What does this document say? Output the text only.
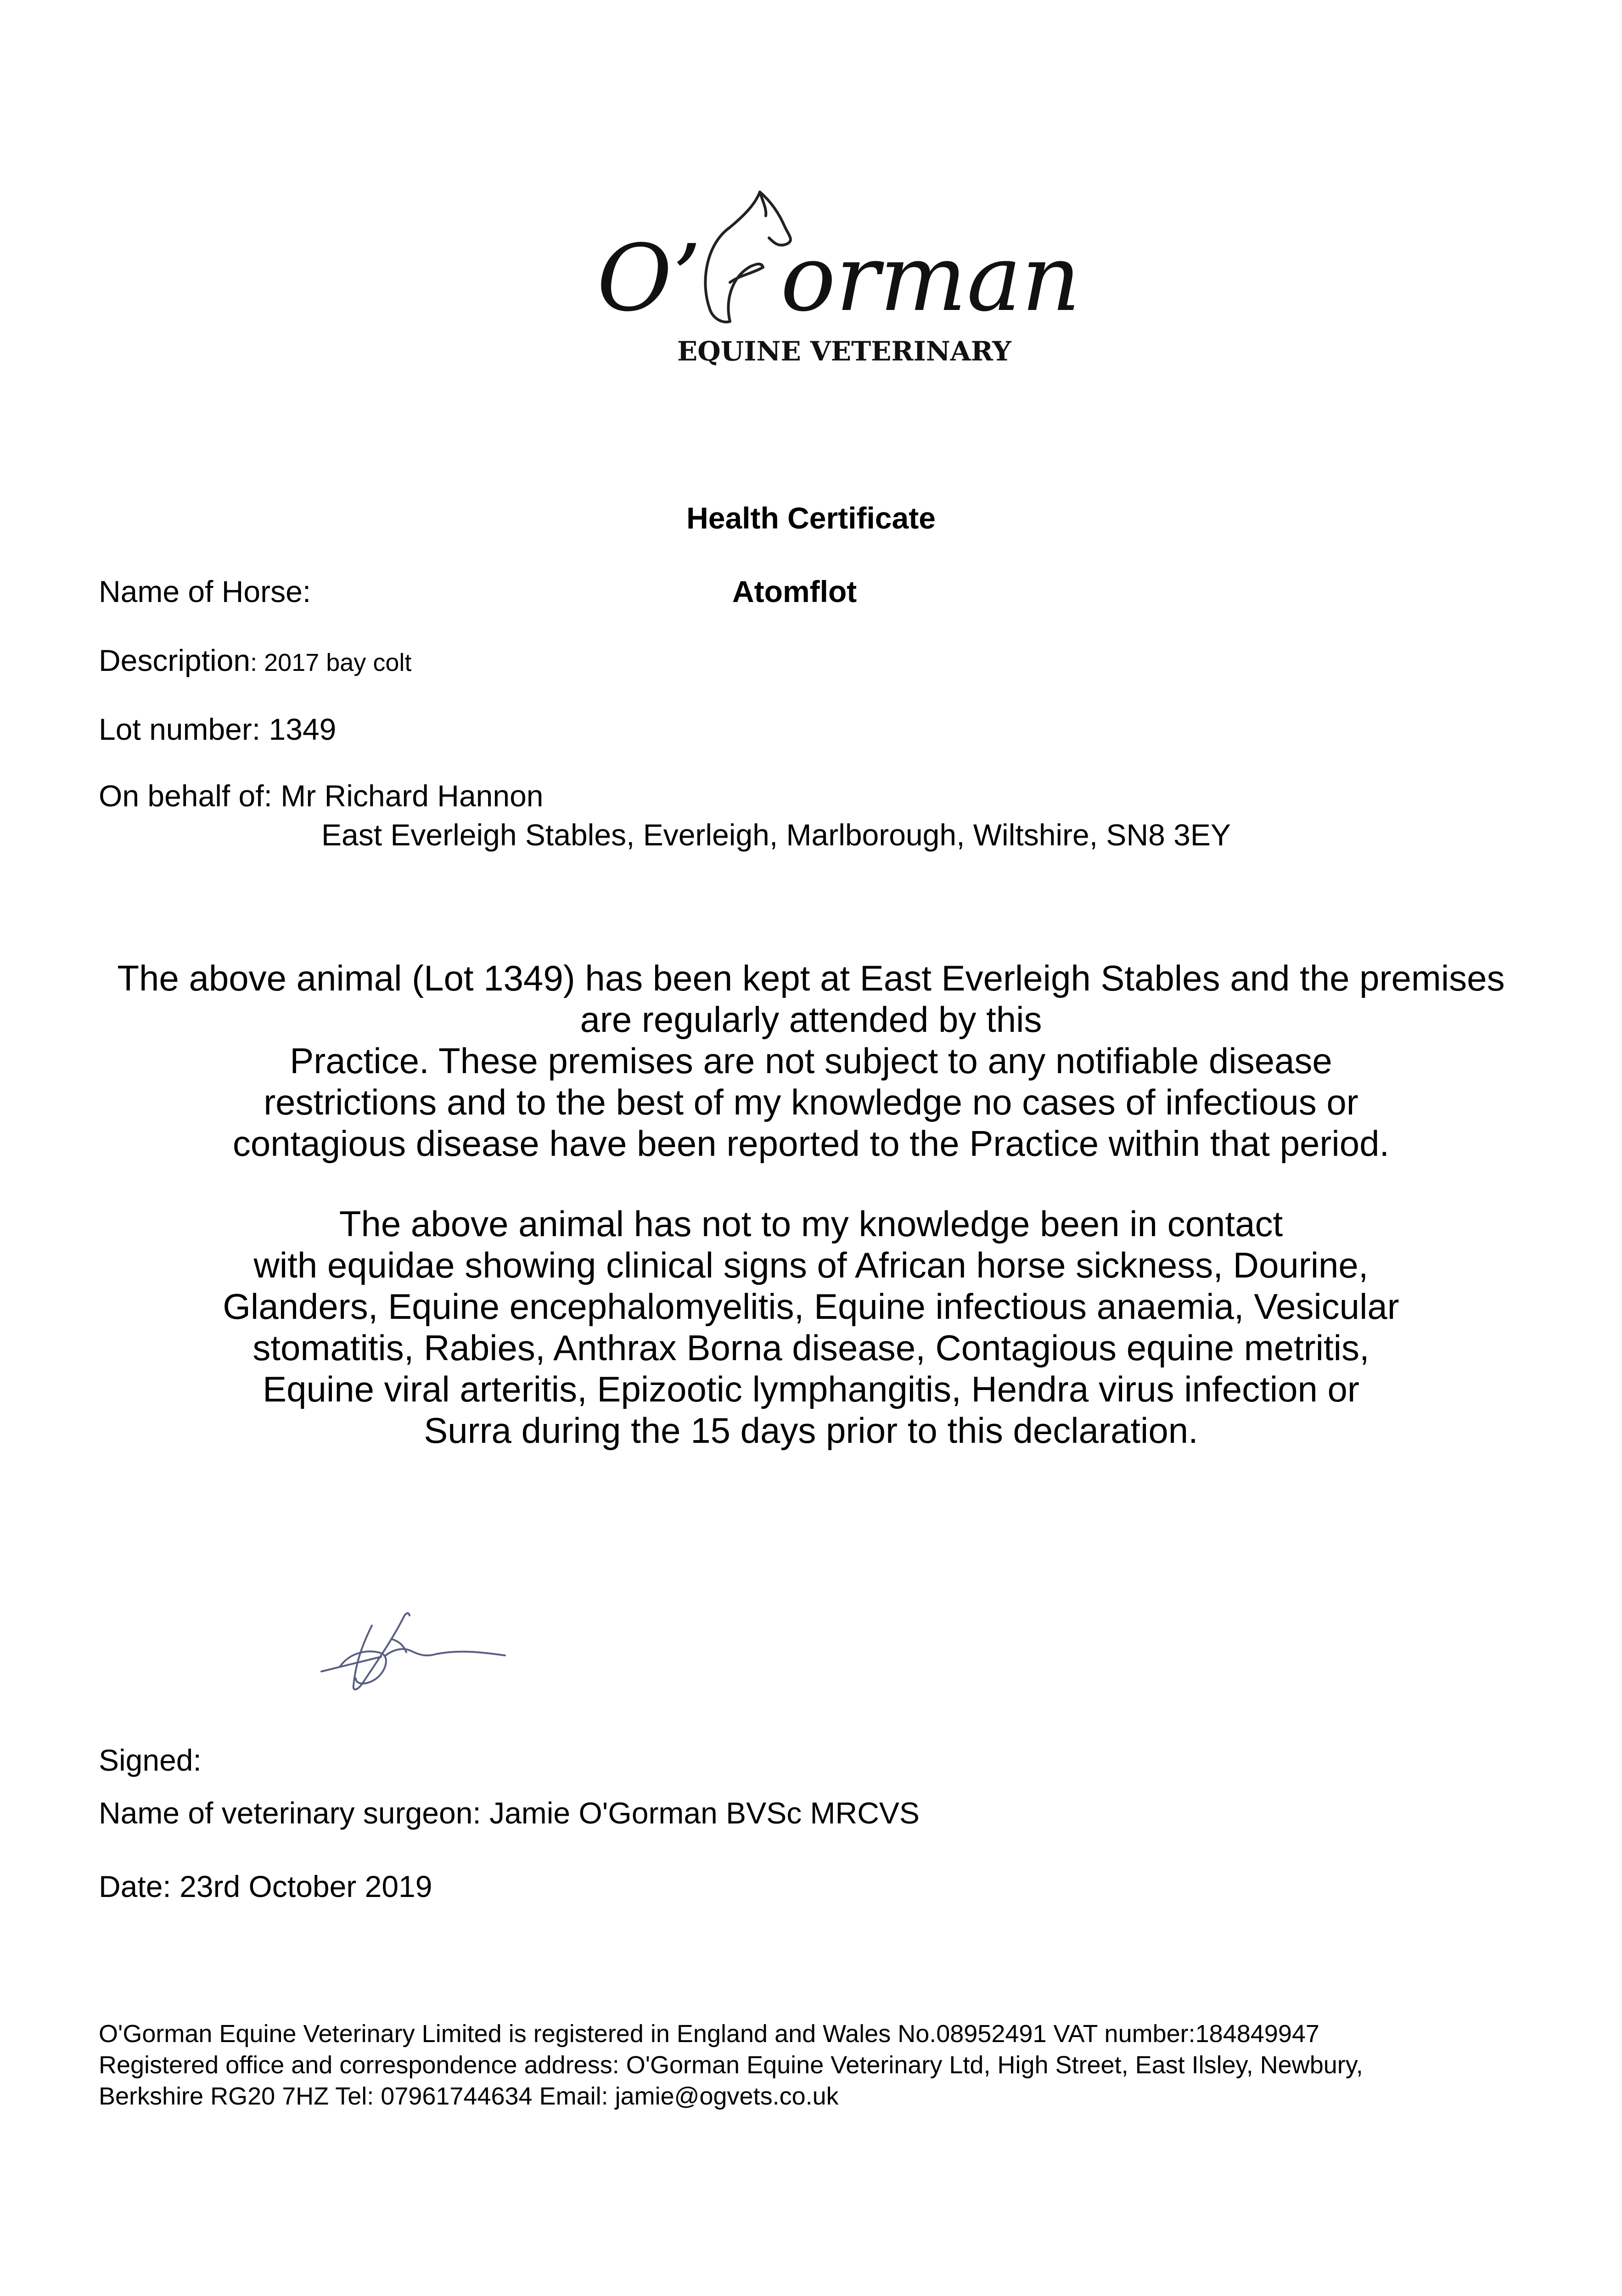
O’ orman
EQUINE VETERINARY
Health Certificate
Name of Horse:	Atomflot
Description: 2017 bay colt
Lot number: 1349
On behalf of: Mr Richard Hannon
East Everleigh Stables, Everleigh, Marlborough, Wiltshire, SN8 3EY
The above animal (Lot 1349) has been kept at East Everleigh Stables and the premises
are regularly attended by this
Practice. These premises are not subject to any notifiable disease
restrictions and to the best of my knowledge no cases of infectious or
contagious disease have been reported to the Practice within that period.
The above animal has not to my knowledge been in contact
with equidae showing clinical signs of African horse sickness, Dourine,
Glanders, Equine encephalomyelitis, Equine infectious anaemia, Vesicular
stomatitis, Rabies, Anthrax Borna disease, Contagious equine metritis,
Equine viral arteritis, Epizootic lymphangitis, Hendra virus infection or
Surra during the 15 days prior to this declaration.
Signed:
Name of veterinary surgeon: Jamie O'Gorman BVSc MRCVS
Date: 23rd October 2019
O'Gorman Equine Veterinary Limited is registered in England and Wales No.08952491 VAT number:184849947
Registered office and correspondence address: O'Gorman Equine Veterinary Ltd, High Street, East Ilsley, Newbury,
Berkshire RG20 7HZ Tel: 07961744634 Email: jamie@ogvets.co.uk
